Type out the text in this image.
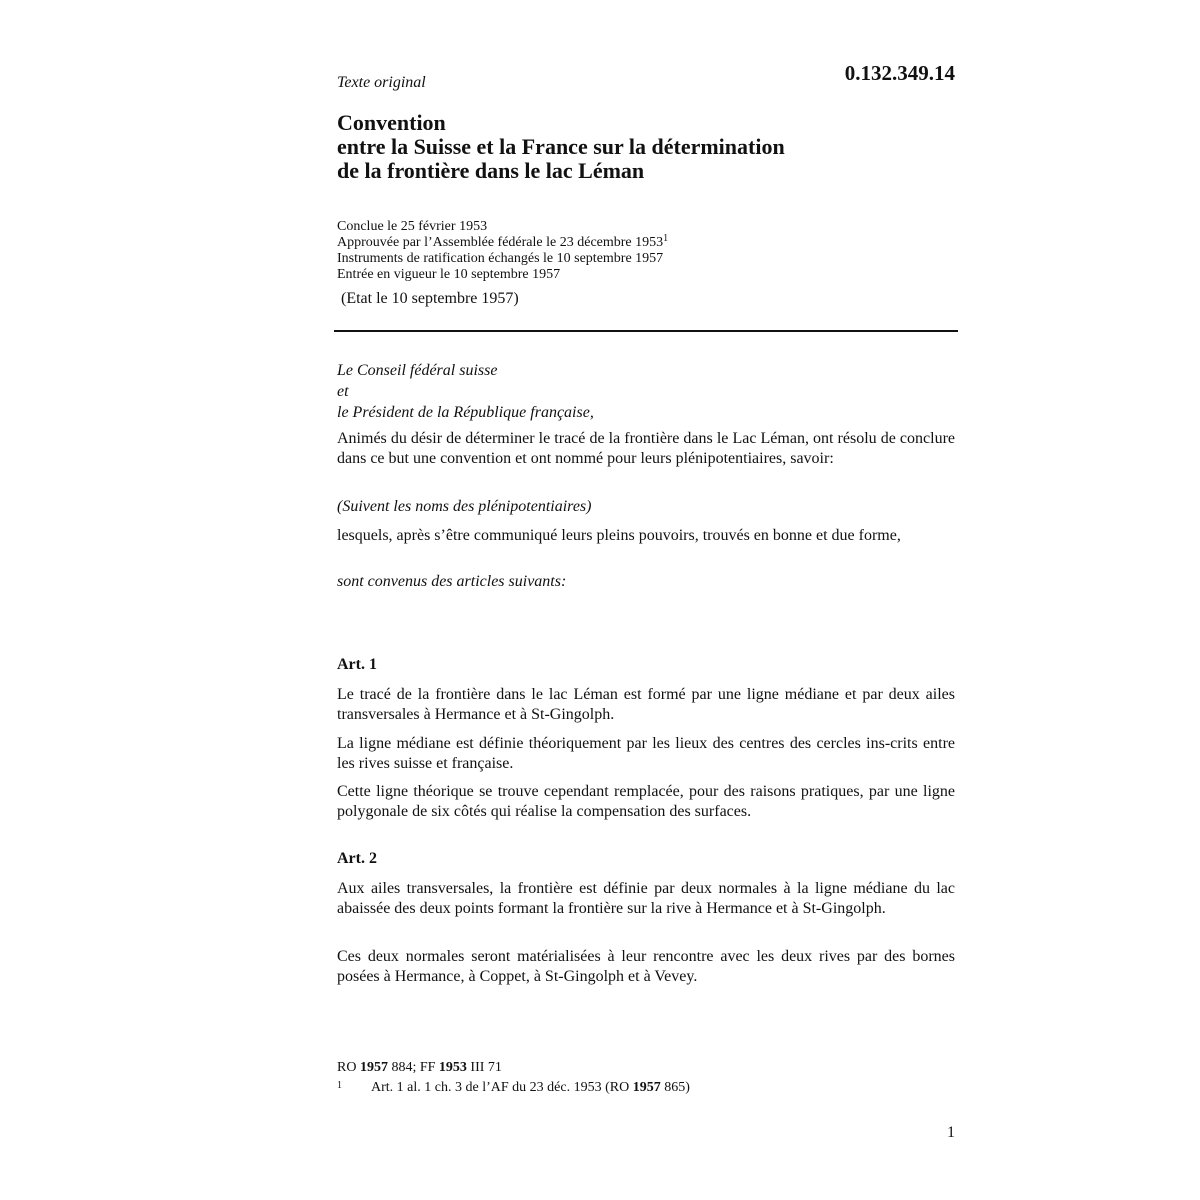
Texte original	0.132.349.14
Convention
entre la Suisse et la France sur la détermination
de la frontière dans le lac Léman
Conclue le 25 février 1953
Approuvée par l’Assemblée fédérale le 23 décembre 1953$^1$
Instruments de ratification échangés le 10 septembre 1957
Entrée en vigueur le 10 septembre 1957
(Etat le 10 septembre 1957)
Le Conseil fédéral suisse
et
le Président de la République française,
Animés du désir de déterminer le tracé de la frontière dans le Lac Léman, ont résolu de conclure dans ce but une convention et ont nommé pour leurs plénipotentiaires, savoir:
(Suivent les noms des plénipotentiaires)
lesquels, après s’être communiqué leurs pleins pouvoirs, trouvés en bonne et due forme,
sont convenus des articles suivants:
Art. 1
Le tracé de la frontière dans le lac Léman est formé par une ligne médiane et par deux ailes transversales à Hermance et à St-Gingolph.
La ligne médiane est définie théoriquement par les lieux des centres des cercles ins-crits entre les rives suisse et française.
Cette ligne théorique se trouve cependant remplacée, pour des raisons pratiques, par une ligne polygonale de six côtés qui réalise la compensation des surfaces.
Art. 2
Aux ailes transversales, la frontière est définie par deux normales à la ligne médiane du lac abaissée des deux points formant la frontière sur la rive à Hermance et à St-Gingolph.
Ces deux normales seront matérialisées à leur rencontre avec les deux rives par des bornes posées à Hermance, à Coppet, à St-Gingolph et à Vevey.
RO 1957 884; FF 1953 III 71
1 Art. 1 al. 1 ch. 3 de l’AF du 23 déc. 1953 (RO 1957 865)
1
